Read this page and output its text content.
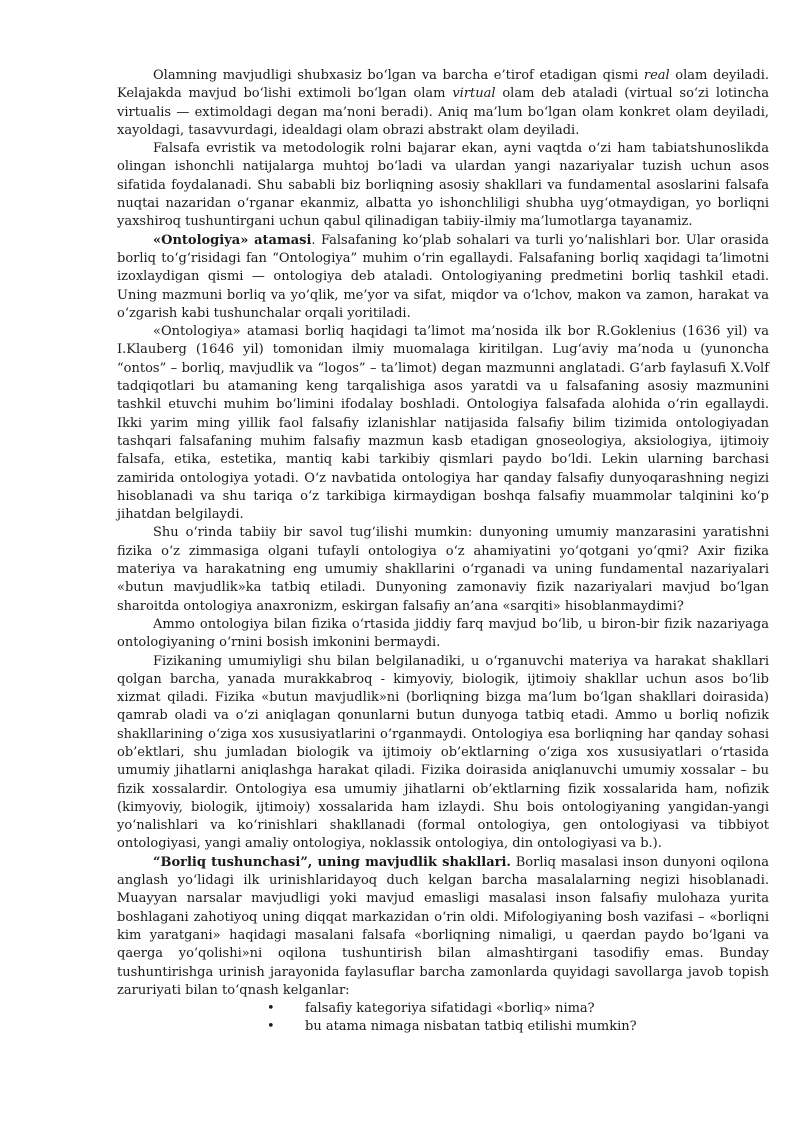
Olamning mavjudligi shubxasiz bo‘lgan va barcha e’tirof etadigan qismi real olam deyiladi. Kelajakda mavjud bo‘lishi extimoli bo‘lgan olam virtual olam deb ataladi (virtual so‘zi lotincha virtualis — extimoldagi degan ma’noni beradi). Aniq ma’lum bo‘lgan olam konkret olam deyiladi, xayoldagi, tasavvurdagi, idealdagi olam obrazi abstrakt olam deyiladi.

Falsafa evristik va metodologik rolni bajarar ekan, ayni vaqtda o‘zi ham tabiatshunoslikda olingan ishonchli natijalarga muhtoj bo‘ladi va ulardan yangi nazariyalar tuzish uchun asos sifatida foydalanadi. Shu sababli biz borliqning asosiy shakllari va fundamental asoslarini falsafa nuqtai nazaridan o‘rganar ekanmiz, albatta yo ishonchliligi shubha uyg‘otmaydigan, yo borliqni yaxshiroq tushuntirgani uchun qabul qilinadigan tabiiy-ilmiy ma’lumotlarga tayanamiz.

«Ontologiya» atamasi. Falsafaning ko‘plab sohalari va turli yo‘nalishlari bor. Ular orasida borliq to‘g‘risidagi fan “Ontologiya” muhim o‘rin egallaydi. Falsafaning borliq xaqidagi ta’limotni izoxlaydigan qismi — ontologiya deb ataladi. Ontologiyaning predmetini borliq tashkil etadi. Uning mazmuni borliq va yo‘qlik, me’yor va sifat, miqdor va o‘lchov, makon va zamon, harakat va o‘zgarish kabi tushunchalar orqali yoritiladi.

«Ontologiya» atamasi borliq haqidagi ta’limot ma’nosida ilk bor R.Goklenius (1636 yil) va I.Klauberg (1646 yil) tomonidan ilmiy muomalaga kiritilgan. Lug‘aviy ma’noda u (yunoncha “ontos” – borliq, mavjudlik va “logos” – ta’limot) degan mazmunni anglatadi. G‘arb faylasufi X.Volf tadqiqotlari bu atamaning keng tarqalishiga asos yaratdi va u falsafaning asosiy mazmunini tashkil etuvchi muhim bo‘limini ifodalay boshladi. Ontologiya falsafada alohida o‘rin egallaydi. Ikki yarim ming yillik faol falsafiy izlanishlar natijasida falsafiy bilim tizimida ontologiyadan tashqari falsafaning muhim falsafiy mazmun kasb etadigan gnoseologiya, aksiologiya, ijtimoiy falsafa, etika, estetika, mantiq kabi tarkibiy qismlari paydo bo‘ldi. Lekin ularning barchasi zamirida ontologiya yotadi. O‘z navbatida ontologiya har qanday falsafiy dunyoqarashning negizi hisoblanadi va shu tariqa o‘z tarkibiga kirmaydigan boshqa falsafiy muammolar talqinini ko‘p jihatdan belgilaydi.

Shu o‘rinda tabiiy bir savol tug‘ilishi mumkin: dunyoning umumiy manzarasini yaratishni fizika o‘z zimmasiga olgani tufayli ontologiya o‘z ahamiyatini yo‘qotgani yo‘qmi? Axir fizika materiya va harakatning eng umumiy shakllarini o‘rganadi va uning fundamental nazariyalari «butun mavjudlik»ka tatbiq etiladi. Dunyoning zamonaviy fizik nazariyalari mavjud bo‘lgan sharoitda ontologiya anaxronizm, eskirgan falsafiy an’ana «sarqiti» hisoblanmaydimi?

Ammo ontologiya bilan fizika o‘rtasida jiddiy farq mavjud bo‘lib, u biron-bir fizik nazariyaga ontologiyaning o‘rnini bosish imkonini bermaydi.

Fizikaning umumiyligi shu bilan belgilanadiki, u o‘rganuvchi materiya va harakat shakllari qolgan barcha, yanada murakkabroq - kimyoviy, biologik, ijtimoiy shakllar uchun asos bo‘lib xizmat qiladi. Fizika «butun mavjudlik»ni (borliqning bizga ma’lum bo‘lgan shakllari doirasida) qamrab oladi va o‘zi aniqlagan qonunlarni butun dunyoga tatbiq etadi. Ammo u borliq nofizik shakllarining o‘ziga xos xususiyatlarini o‘rganmaydi. Ontologiya esa borliqning har qanday sohasi ob’ektlari, shu jumladan biologik va ijtimoiy ob’ektlarning o‘ziga xos xususiyatlari o‘rtasida umumiy jihatlarni aniqlashga harakat qiladi. Fizika doirasida aniqlanuvchi umumiy xossalar – bu fizik xossalardir. Ontologiya esa umumiy jihatlarni ob’ektlarning fizik xossalarida ham, nofizik (kimyoviy, biologik, ijtimoiy) xossalarida ham izlaydi. Shu bois ontologiyaning yangidan-yangi yo‘nalishlari va ko‘rinishlari shakllanadi (formal ontologiya, gen ontologiyasi va tibbiyot ontologiyasi, yangi amaliy ontologiya, noklassik ontologiya, din ontologiyasi va b.).

“Borliq tushunchasi”, uning mavjudlik shakllari. Borliq masalasi inson dunyoni oqilona anglash yo‘lidagi ilk urinishlaridayoq duch kelgan barcha masalalarning negizi hisoblanadi. Muayyan narsalar mavjudligi yoki mavjud emasligi masalasi inson falsafiy mulohaza yurita boshlagani zahotiyoq uning diqqat markazidan o‘rin oldi. Mifologiyaning bosh vazifasi – «borliqni kim yaratgani» haqidagi masalani falsafa «borliqning nimaligi, u qaerdan paydo bo‘lgani va qaerga yo‘qolishi»ni oqilona tushuntirish bilan almashtirgani tasodifiy emas. Bunday tushuntirishga urinish jarayonida faylasuflar barcha zamonlarda quyidagi savollarga javob topish zaruriyati bilan to‘qnash kelganlar:

• falsafiy kategoriya sifatidagi «borliq» nima?
• bu atama nimaga nisbatan tatbiq etilishi mumkin?
